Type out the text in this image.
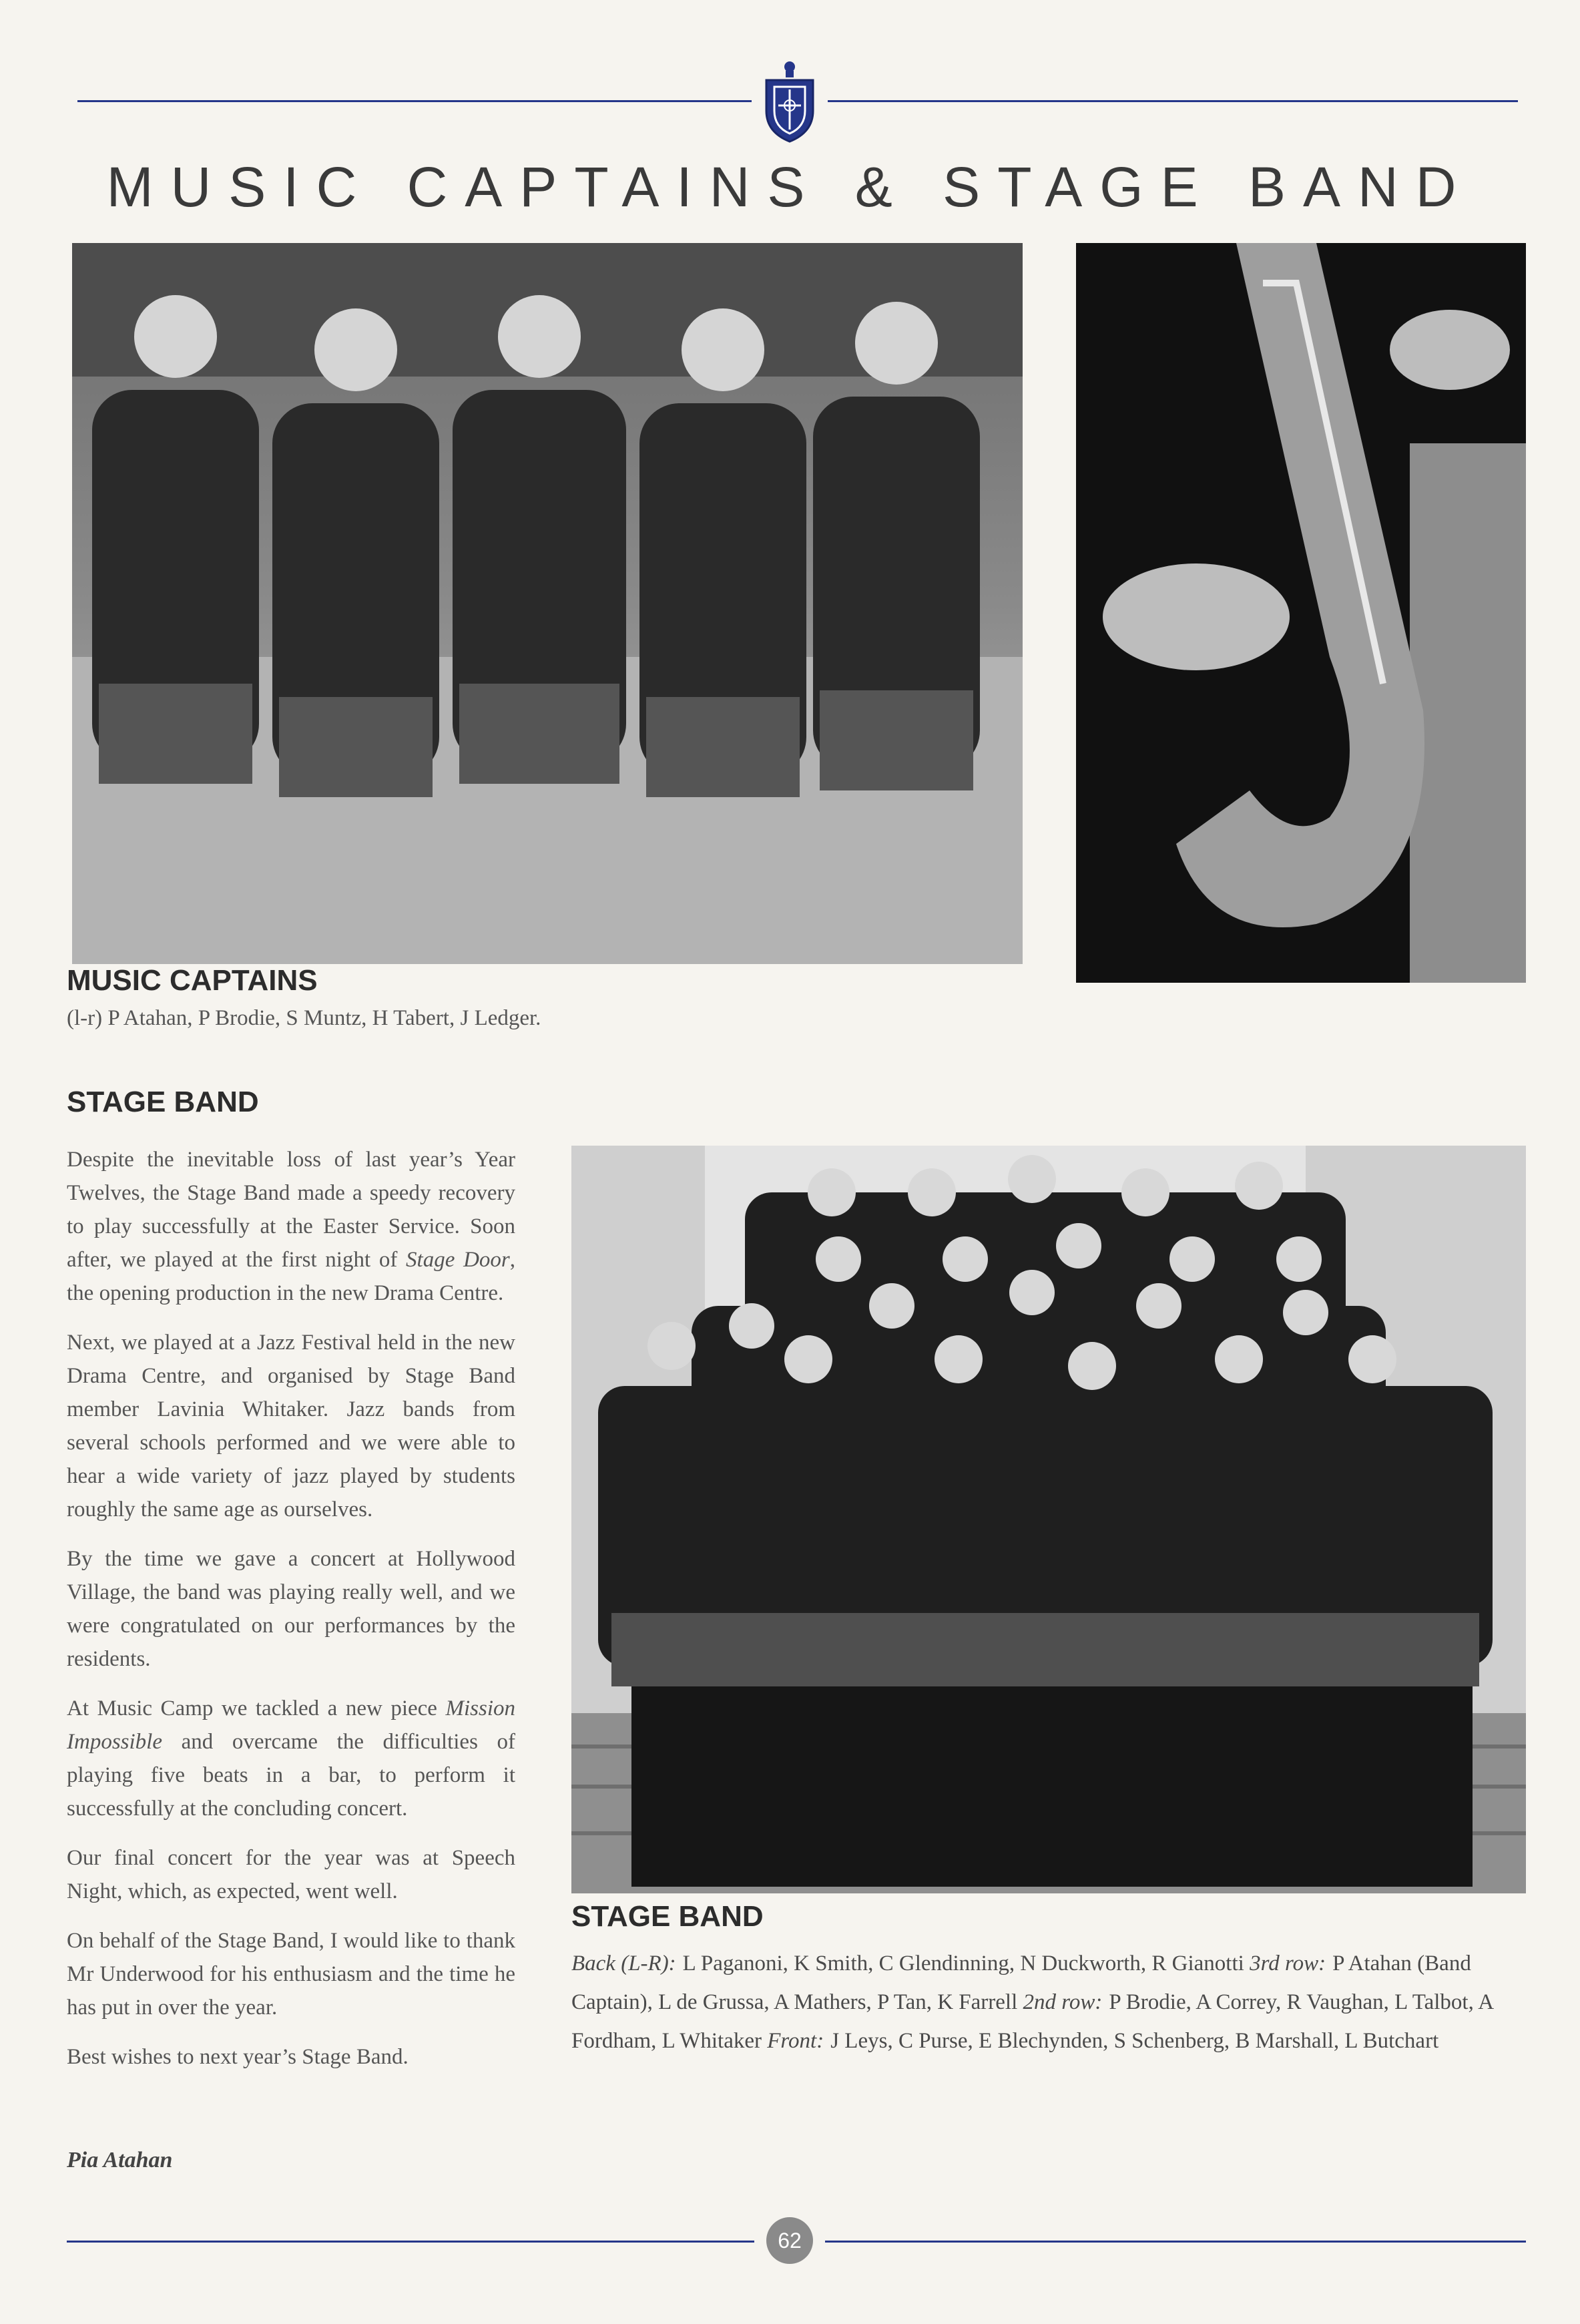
MUSIC CAPTAINS & STAGE BAND
MUSIC CAPTAINS
(l-r) P Atahan, P Brodie, S Muntz, H Tabert, J Ledger.
STAGE BAND

Despite the inevitable loss of last year’s Year Twelves, the Stage Band made a speedy recovery to play successfully at the Easter Service. Soon after, we played at the first night of Stage Door, the opening production in the new Drama Centre.

Next, we played at a Jazz Festival held in the new Drama Centre, and organised by Stage Band member Lavinia Whitaker. Jazz bands from several schools performed and we were able to hear a wide variety of jazz played by students roughly the same age as ourselves.

By the time we gave a concert at Hollywood Village, the band was playing really well, and we were congratulated on our performances by the residents.

At Music Camp we tackled a new piece Mission Impossible and overcame the difficulties of playing five beats in a bar, to perform it successfully at the concluding concert.

Our final concert for the year was at Speech Night, which, as expected, went well.

On behalf of the Stage Band, I would like to thank Mr Underwood for his enthusiasm and the time he has put in over the year.

Best wishes to next year’s Stage Band.

Pia Atahan
STAGE BAND
Back (L-R): L Paganoni, K Smith, C Glendinning, N Duckworth, R Gianotti 3rd row: P Atahan (Band Captain), L de Grussa, A Mathers, P Tan, K Farrell 2nd row: P Brodie, A Correy, R Vaughan, L Talbot, A Fordham, L Whitaker Front: J Leys, C Purse, E Blechynden, S Schenberg, B Marshall, L Butchart
62
